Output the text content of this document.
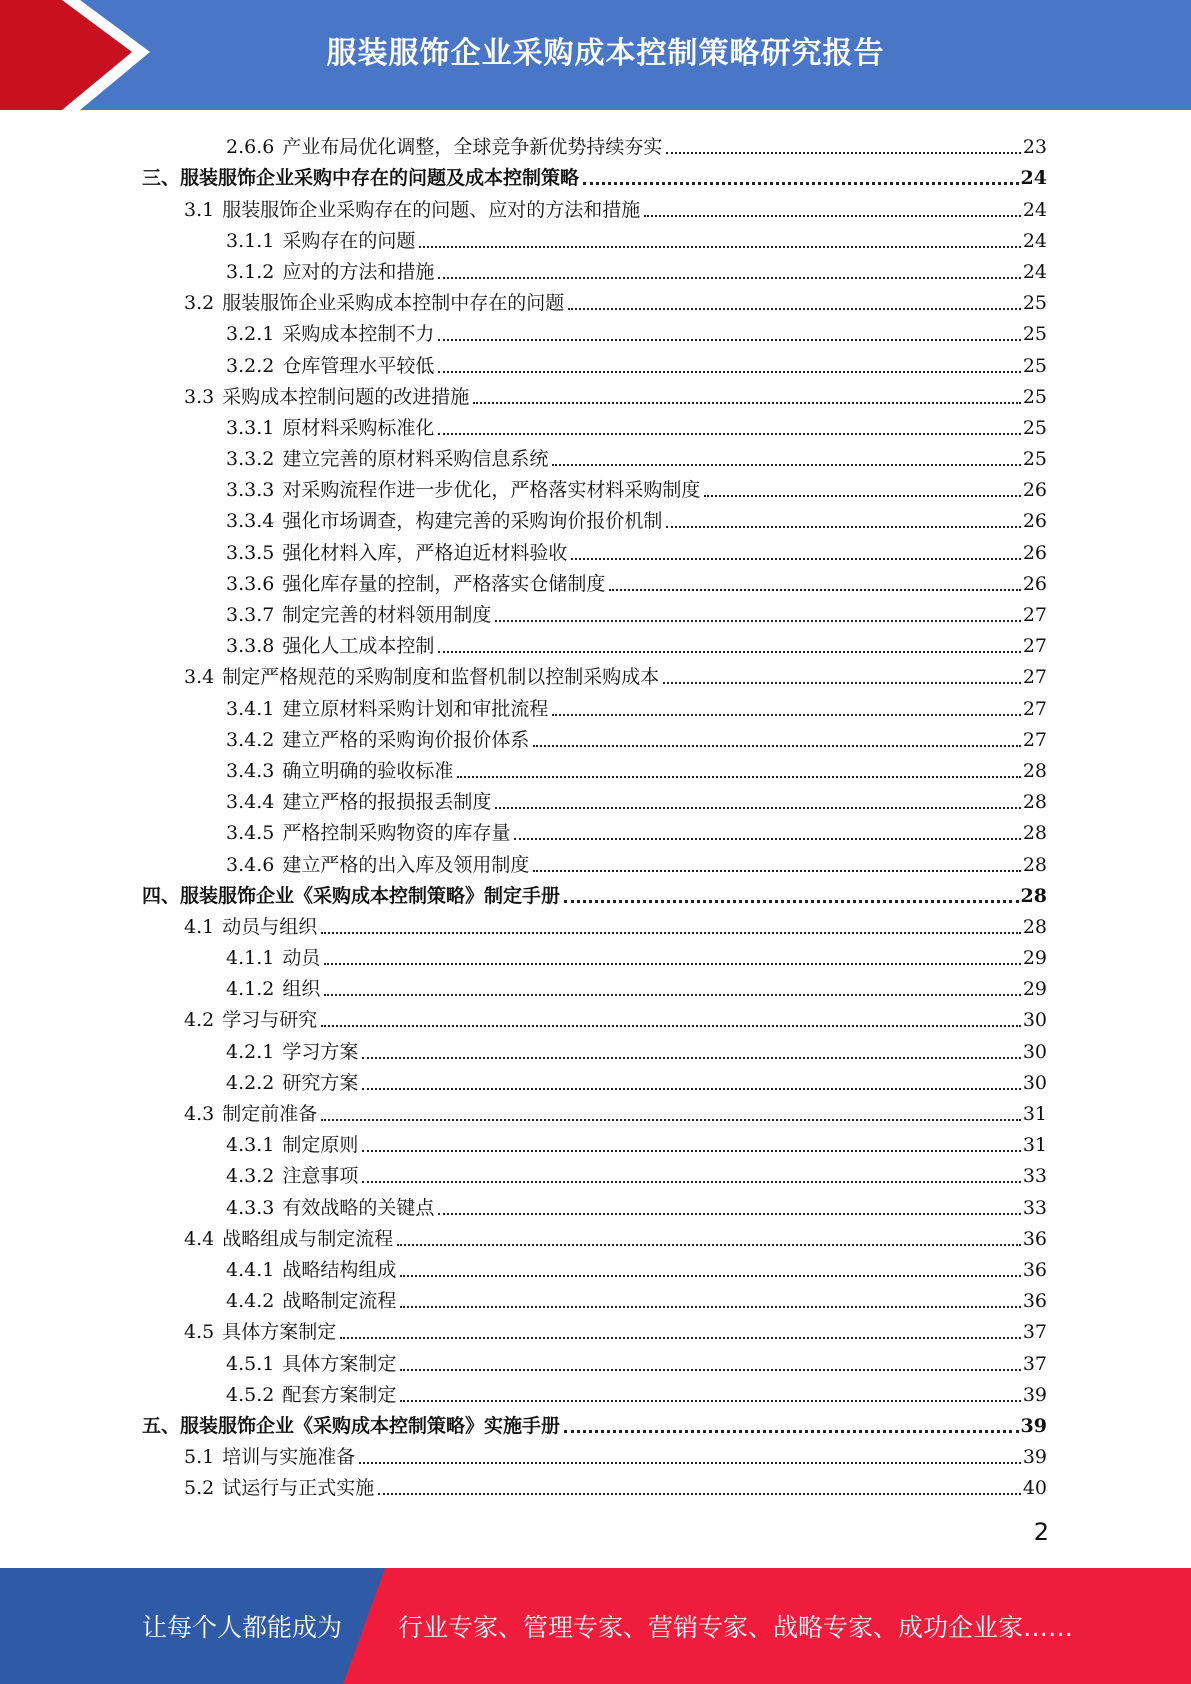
服装服饰企业采购成本控制策略研究报告
2.6.6 产业布局优化调整，全球竞争新优势持续夯实	23
三、服装服饰企业采购中存在的问题及成本控制策略	24
3.1 服装服饰企业采购存在的问题、应对的方法和措施	24
3.1.1 采购存在的问题	24
3.1.2 应对的方法和措施	24
3.2 服装服饰企业采购成本控制中存在的问题	25
3.2.1 采购成本控制不力	25
3.2.2 仓库管理水平较低	25
3.3 采购成本控制问题的改进措施	25
3.3.1 原材料采购标准化	25
3.3.2 建立完善的原材料采购信息系统	25
3.3.3 对采购流程作进一步优化，严格落实材料采购制度	26
3.3.4 强化市场调查，构建完善的采购询价报价机制	26
3.3.5 强化材料入库，严格迫近材料验收	26
3.3.6 强化库存量的控制，严格落实仓储制度	26
3.3.7 制定完善的材料领用制度	27
3.3.8 强化人工成本控制	27
3.4 制定严格规范的采购制度和监督机制以控制采购成本	27
3.4.1 建立原材料采购计划和审批流程	27
3.4.2 建立严格的采购询价报价体系	27
3.4.3 确立明确的验收标准	28
3.4.4 建立严格的报损报丢制度	28
3.4.5 严格控制采购物资的库存量	28
3.4.6 建立严格的出入库及领用制度	28
四、服装服饰企业《采购成本控制策略》制定手册	28
4.1 动员与组织	28
4.1.1 动员	29
4.1.2 组织	29
4.2 学习与研究	30
4.2.1 学习方案	30
4.2.2 研究方案	30
4.3 制定前准备	31
4.3.1 制定原则	31
4.3.2 注意事项	33
4.3.3 有效战略的关键点	33
4.4 战略组成与制定流程	36
4.4.1 战略结构组成	36
4.4.2 战略制定流程	36
4.5 具体方案制定	37
4.5.1 具体方案制定	37
4.5.2 配套方案制定	39
五、服装服饰企业《采购成本控制策略》实施手册	39
5.1 培训与实施准备	39
5.2 试运行与正式实施	40
2
让每个人都能成为 行业专家、管理专家、营销专家、战略专家、成功企业家……
